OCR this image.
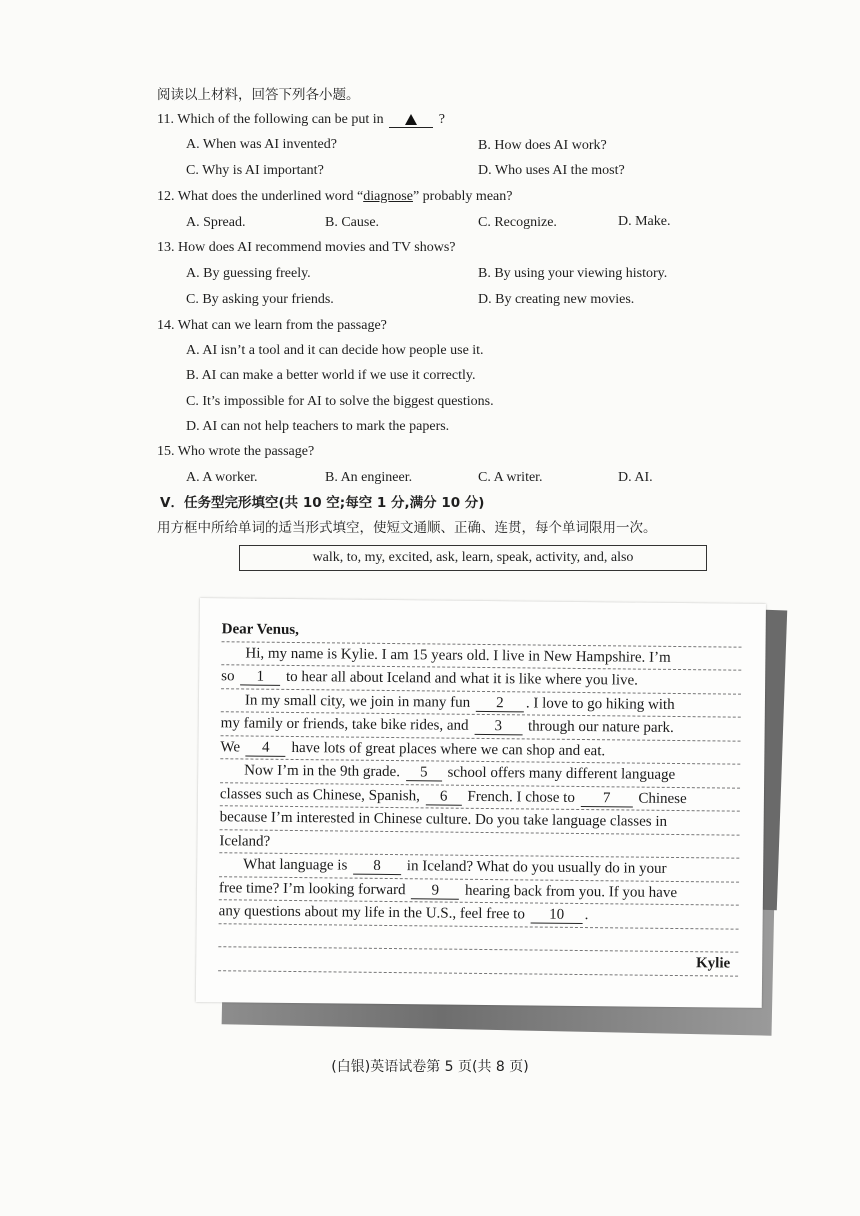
阅读以上材料，回答下列各小题。
11. Which of the following can be put in	?
A. When was AI invented?	B. How does AI work?
C. Why is AI important?	D. Who uses AI the most?
12. What does the underlined word “diagnose” probably mean?
A. Spread.	B. Cause.	C. Recognize.	D. Make.
13. How does AI recommend movies and TV shows?
A. By guessing freely.	B. By using your viewing history.
C. By asking your friends.	D. By creating new movies.
14. What can we learn from the passage?
A. AI isn’t a tool and it can decide how people use it.
B. AI can make a better world if we use it correctly.
C. It’s impossible for AI to solve the biggest questions.
D. AI can not help teachers to mark the papers.
15. Who wrote the passage?
A. A worker.	B. An engineer.	C. A writer.	D. AI.
V．任务型完形填空(共 10 空;每空 1 分,满分 10 分)
用方框中所给单词的适当形式填空，使短文通顺、正确、连贯，每个单词限用一次。
walk, to, my, excited, ask, learn, speak, activity, and, also
Dear Venus,
Hi, my name is Kylie. I am 15 years old. I live in New Hampshire. I’m
so 1 to hear all about Iceland and what it is like where you live.
In my small city, we join in many fun 2 . I love to go hiking with
my family or friends, take bike rides, and 3 through our nature park.
We 4 have lots of great places where we can shop and eat.
Now I’m in the 9th grade. 5 school offers many different language
classes such as Chinese, Spanish, 6 French. I chose to 7 Chinese
because I’m interested in Chinese culture. Do you take language classes in
Iceland?
What language is 8 in Iceland? What do you usually do in your
free time? I’m looking forward 9 hearing back from you. If you have
any questions about my life in the U.S., feel free to 10 .
Kylie
(白银)英语试卷第 5 页(共 8 页)
